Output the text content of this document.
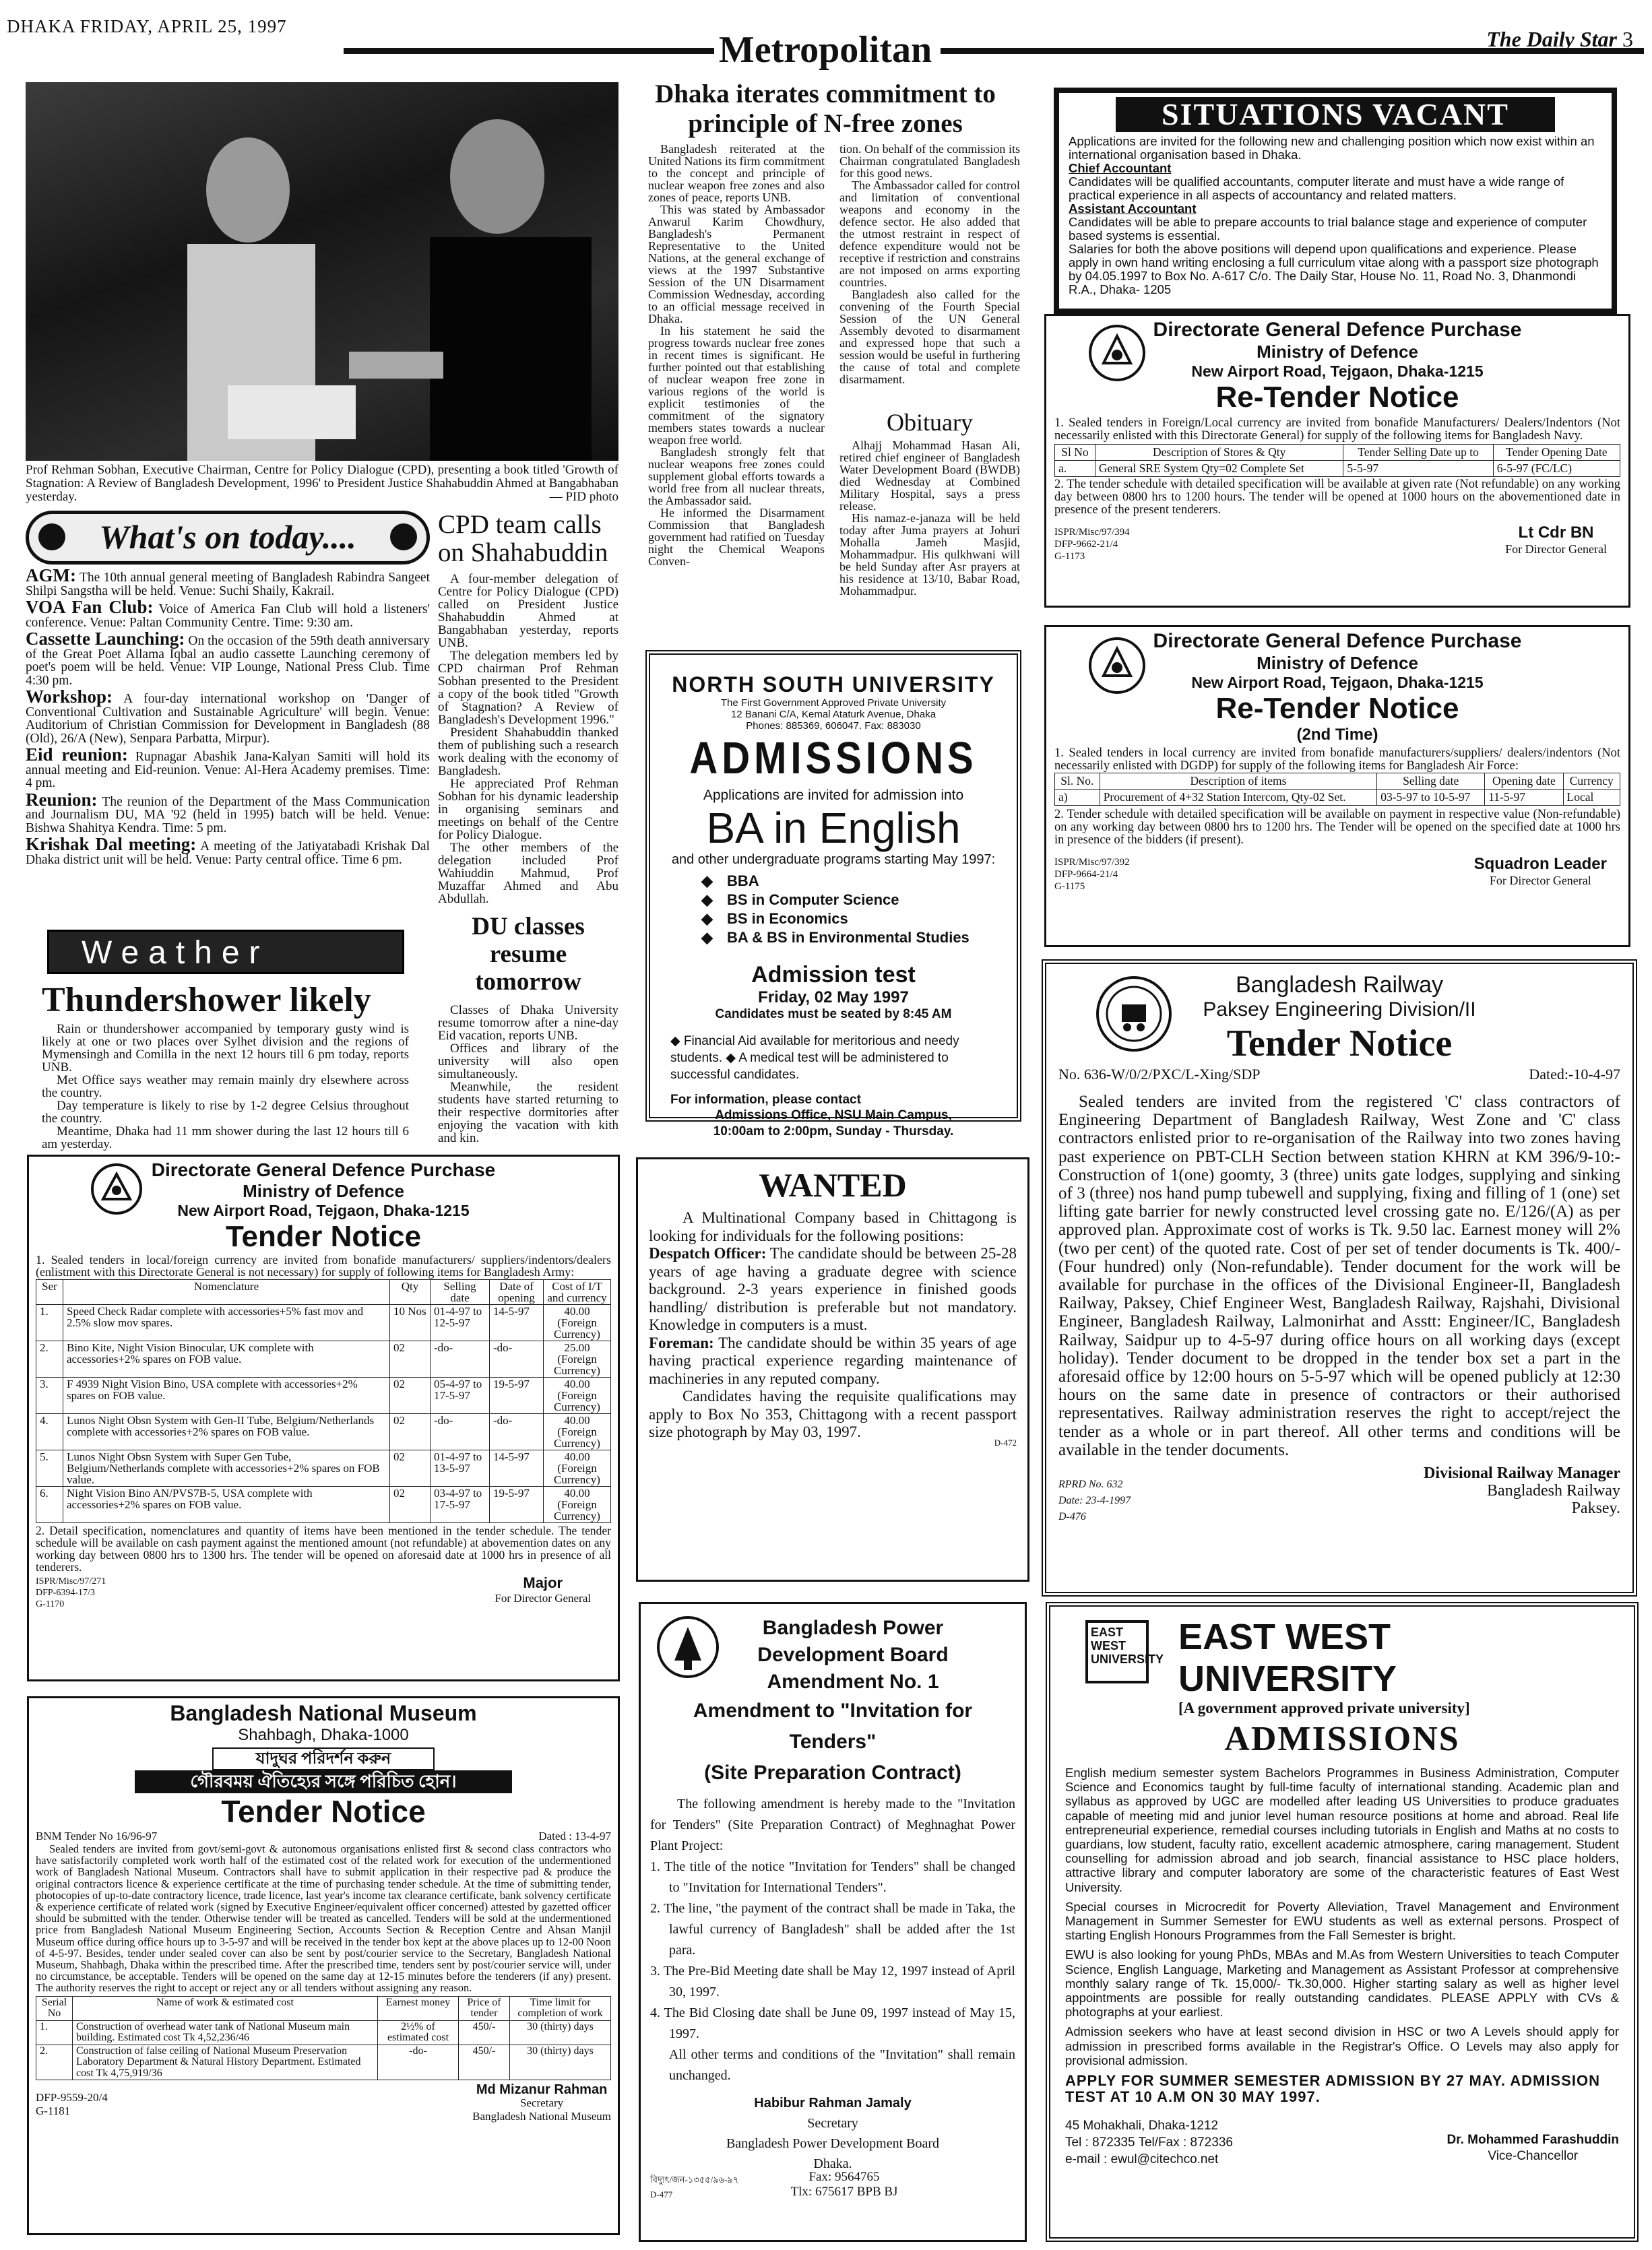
DHAKA FRIDAY, APRIL 25, 1997
Metropolitan	The Daily Star 3
Prof Rehman Sobhan, Executive Chairman, Centre for Policy Dialogue (CPD), presenting a book titled 'Growth of Stagnation: A Review of Bangladesh Development, 1996' to President Justice Shahabuddin Ahmed at Bangabhaban yesterday.	— PID photo
What's on today....

AGM: The 10th annual general meeting of Bangladesh Rabindra Sangeet Shilpi Sangstha will be held. Venue: Suchi Shaily, Kakrail.

VOA Fan Club: Voice of America Fan Club will hold a listeners' conference. Venue: Paltan Community Centre. Time: 9:30 am.

Cassette Launching: On the occasion of the 59th death anniversary of the Great Poet Allama Iqbal an audio cassette Launching ceremony of poet's poem will be held. Venue: VIP Lounge, National Press Club. Time 4:30 pm.

Workshop: A four-day international workshop on 'Danger of Conventional Cultivation and Sustainable Agriculture' will begin. Venue: Auditorium of Christian Commission for Development in Bangladesh (88 (Old), 26/A (New), Senpara Parbatta, Mirpur).

Eid reunion: Rupnagar Abashik Jana-Kalyan Samiti will hold its annual meeting and Eid-reunion. Venue: Al-Hera Academy premises. Time: 4 pm.

Reunion: The reunion of the Department of the Mass Communication and Journalism DU, MA '92 (held in 1995) batch will be held. Venue: Bishwa Shahitya Kendra. Time: 5 pm.

Krishak Dal meeting: A meeting of the Jatiyatabadi Krishak Dal Dhaka district unit will be held. Venue: Party central office. Time 6 pm.

Weather
Thundershower likely

Rain or thundershower accompanied by temporary gusty wind is likely at one or two places over Sylhet division and the regions of Mymensingh and Comilla in the next 12 hours till 6 pm today, reports UNB.

Met Office says weather may remain mainly dry elsewhere across the country.

Day temperature is likely to rise by 1-2 degree Celsius throughout the country.

Meantime, Dhaka had 11 mm shower during the last 12 hours till 6 am yesterday.

CPD team calls on Shahabuddin

A four-member delegation of Centre for Policy Dialogue (CPD) called on President Justice Shahabuddin Ahmed at Bangabhaban yesterday, reports UNB.

The delegation members led by CPD chairman Prof Rehman Sobhan presented to the President a copy of the book titled "Growth of Stagnation? A Review of Bangladesh's Development 1996."

President Shahabuddin thanked them of publishing such a research work dealing with the economy of Bangladesh.

He appreciated Prof Rehman Sobhan for his dynamic leadership in organising seminars and meetings on behalf of the Centre for Policy Dialogue.

The other members of the delegation included Prof Wahiuddin Mahmud, Prof Muzaffar Ahmed and Abu Abdullah.

DU classes resume tomorrow

Classes of Dhaka University resume tomorrow after a nine-day Eid vacation, reports UNB.

Offices and library of the university will also open simultaneously.

Meanwhile, the resident students have started returning to their respective dormitories after enjoying the vacation with kith and kin.

Dhaka iterates commitment to principle of N-free zones

Bangladesh reiterated at the United Nations its firm commitment to the concept and principle of nuclear weapon free zones and also zones of peace, reports UNB.

This was stated by Ambassador Anwarul Karim Chowdhury, Bangladesh's Permanent Representative to the United Nations, at the general exchange of views at the 1997 Substantive Session of the UN Disarmament Commission Wednesday, according to an official message received in Dhaka.

In his statement he said the progress towards nuclear free zones in recent times is significant. He further pointed out that establishing of nuclear weapon free zone in various regions of the world is explicit testimonies of the commitment of the signatory members states towards a nuclear weapon free world.

Bangladesh strongly felt that nuclear weapons free zones could supplement global efforts towards a world free from all nuclear threats, the Ambassador said.

He informed the Disarmament Commission that Bangladesh government had ratified on Tuesday night the Chemical Weapons Conven-

tion. On behalf of the commission its Chairman congratulated Bangladesh for this good news.

The Ambassador called for control and limitation of conventional weapons and economy in the defence sector. He also added that the utmost restraint in respect of defence expenditure would not be receptive if restriction and constrains are not imposed on arms exporting countries.

Bangladesh also called for the convening of the Fourth Special Session of the UN General Assembly devoted to disarmament and expressed hope that such a session would be useful in furthering the cause of total and complete disarmament.

Obituary

Alhajj Mohammad Hasan Ali, retired chief engineer of Bangladesh Water Development Board (BWDB) died Wednesday at Combined Military Hospital, says a press release.

His namaz-e-janaza will be held today after Juma prayers at Johuri Mohalla Jameh Masjid, Mohammadpur. His qulkhwani will be held Sunday after Asr prayers at his residence at 13/10, Babar Road, Mohammadpur.

NORTH SOUTH UNIVERSITY
The First Government Approved Private University
12 Banani C/A, Kemal Ataturk Avenue, Dhaka
Phones: 885369, 606047. Fax: 883030
ADMISSIONS
Applications are invited for admission into
BA in English
and other undergraduate programs starting May 1997:
◆ BBA
◆ BS in Computer Science
◆ BS in Economics
◆ BA & BS in Environmental Studies
Admission test
Friday, 02 May 1997
Candidates must be seated by 8:45 AM
◆ Financial Aid available for meritorious and needy students. ◆ A medical test will be administered to successful candidates.
For information, please contact
Admissions Office, NSU Main Campus, 10:00am to 2:00pm, Sunday - Thursday.
SITUATIONS VACANT

Applications are invited for the following new and challenging position which now exist within an international organisation based in Dhaka.

Chief Accountant

Candidates will be qualified accountants, computer literate and must have a wide range of practical experience in all aspects of accountancy and related matters.

Assistant Accountant

Candidates will be able to prepare accounts to trial balance stage and experience of computer based systems is essential.

Salaries for both the above positions will depend upon qualifications and experience. Please apply in own hand writing enclosing a full curriculum vitae along with a passport size photograph by 04.05.1997 to Box No. A-617 C/o. The Daily Star, House No. 11, Road No. 3, Dhanmondi R.A., Dhaka- 1205

Directorate General Defence Purchase
Ministry of Defence
New Airport Road, Tejgaon, Dhaka-1215
Re-Tender Notice

1. Sealed tenders in Foreign/Local currency are invited from bonafide Manufacturers/ Dealers/Indentors (Not necessarily enlisted with this Directorate General) for supply of the following items for Bangladesh Navy.

Sl No	Description of Stores & Qty	Tender Selling Date up to	Tender Opening Date
a.	General SRE System Qty=02 Complete Set	5-5-97	6-5-97 (FC/LC)

2. The tender schedule with detailed specification will be available at given rate (Not refundable) on any working day between 0800 hrs to 1200 hours. The tender will be opened at 1000 hours on the abovementioned date in presence of the present tenderers.

ISPR/Misc/97/394
DFP-9662-21/4
G-1173
Lt Cdr BN
For Director General
Directorate General Defence Purchase
Ministry of Defence
New Airport Road, Tejgaon, Dhaka-1215
Re-Tender Notice
(2nd Time)

1. Sealed tenders in local currency are invited from bonafide manufacturers/suppliers/ dealers/indentors (Not necessarily enlisted with DGDP) for supply of the following items for Bangladesh Air Force:

Sl. No.	Description of items	Selling date	Opening date	Currency
a)	Procurement of 4+32 Station Intercom, Qty-02 Set.	03-5-97 to 10-5-97	11-5-97	Local

2. Tender schedule with detailed specification will be available on payment in respective value (Non-refundable) on any working day between 0800 hrs to 1200 hrs. The Tender will be opened on the specified date at 1000 hrs in presence of the bidders (if present).

ISPR/Misc/97/392
DFP-9664-21/4
G-1175
Squadron Leader
For Director General
Bangladesh Railway
Paksey Engineering Division/II
Tender Notice
No. 636-W/0/2/PXC/L-Xing/SDP	Dated:-10-4-97

Sealed tenders are invited from the registered 'C' class contractors of Engineering Department of Bangladesh Railway, West Zone and 'C' class contractors enlisted prior to re-organisation of the Railway into two zones having past experience on PBT-CLH Section between station KHRN at KM 396/9-10:- Construction of 1(one) goomty, 3 (three) units gate lodges, supplying and sinking of 3 (three) nos hand pump tubewell and supplying, fixing and filling of 1 (one) set lifting gate barrier for newly constructed level crossing gate no. E/126/(A) as per approved plan. Approximate cost of works is Tk. 9.50 lac. Earnest money will 2% (two per cent) of the quoted rate. Cost of per set of tender documents is Tk. 400/- (Four hundred) only (Non-refundable). Tender document for the work will be available for purchase in the offices of the Divisional Engineer-II, Bangladesh Railway, Paksey, Chief Engineer West, Bangladesh Railway, Rajshahi, Divisional Engineer, Bangladesh Railway, Lalmonirhat and Asstt: Engineer/IC, Bangladesh Railway, Saidpur up to 4-5-97 during office hours on all working days (except holiday). Tender document to be dropped in the tender box set a part in the aforesaid office by 12:00 hours on 5-5-97 which will be opened publicly at 12:30 hours on the same date in presence of contractors or their authorised representatives. Railway administration reserves the right to accept/reject the tender as a whole or in part thereof. All other terms and conditions will be available in the tender documents.

RPRD No. 632
Date: 23-4-1997
D-476
Divisional Railway Manager
Bangladesh Railway
Paksey.
Directorate General Defence Purchase
Ministry of Defence
New Airport Road, Tejgaon, Dhaka-1215
Tender Notice

1. Sealed tenders in local/foreign currency are invited from bonafide manufacturers/ suppliers/indentors/dealers (enlistment with this Directorate General is not necessary) for supply of following items for Bangladesh Army:

Ser	Nomenclature	Qty	Selling date	Date of opening	Cost of I/T and currency
1.	Speed Check Radar complete with accessories+5% fast mov and 2.5% slow mov spares.	10 Nos	01-4-97 to 12-5-97	14-5-97	40.00 (Foreign Currency)
2.	Bino Kite, Night Vision Binocular, UK complete with accessories+2% spares on FOB value.	02	-do-	-do-	25.00 (Foreign Currency)
3.	F 4939 Night Vision Bino, USA complete with accessories+2% spares on FOB value.	02	05-4-97 to 17-5-97	19-5-97	40.00 (Foreign Currency)
4.	Lunos Night Obsn System with Gen-II Tube, Belgium/Netherlands complete with accessories+2% spares on FOB value.	02	-do-	-do-	40.00 (Foreign Currency)
5.	Lunos Night Obsn System with Super Gen Tube, Belgium/Netherlands complete with accessories+2% spares on FOB value.	02	01-4-97 to 13-5-97	14-5-97	40.00 (Foreign Currency)
6.	Night Vision Bino AN/PVS7B-5, USA complete with accessories+2% spares on FOB value.	02	03-4-97 to 17-5-97	19-5-97	40.00 (Foreign Currency)

2. Detail specification, nomenclatures and quantity of items have been mentioned in the tender schedule. The tender schedule will be available on cash payment against the mentioned amount (not refundable) at abovemention dates on any working day between 0800 hrs to 1300 hrs. The tender will be opened on aforesaid date at 1000 hrs in presence of all tenderers.

ISPR/Misc/97/271
DFP-6394-17/3
G-1170
Major
For Director General
Bangladesh National Museum
Shahbagh, Dhaka-1000
যাদুঘর পরিদর্শন করুন
গৌরবময় ঐতিহ্যের সঙ্গে পরিচিত হোন।
Tender Notice
BNM Tender No 16/96-97	Dated : 13-4-97

Sealed tenders are invited from govt/semi-govt & autonomous organisations enlisted first & second class contractors who have satisfactorily completed work worth half of the estimated cost of the related work for execution of the undermentioned work of Bangladesh National Museum. Contractors shall have to submit application in their respective pad & produce the original contractors licence & experience certificate at the time of purchasing tender schedule. At the time of submitting tender, photocopies of up-to-date contractory licence, trade licence, last year's income tax clearance certificate, bank solvency certificate & experience certificate of related work (signed by Executive Engineer/equivalent officer concerned) attested by gazetted officer should be submitted with the tender. Otherwise tender will be treated as cancelled. Tenders will be sold at the undermentioned price from Bangladesh National Museum Engineering Section, Accounts Section & Reception Centre and Ahsan Manjil Museum office during office hours up to 3-5-97 and will be received in the tender box kept at the above places up to 12-00 Noon of 4-5-97. Besides, tender under sealed cover can also be sent by post/courier service to the Secretary, Bangladesh National Museum, Shahbagh, Dhaka within the prescribed time. After the prescribed time, tenders sent by post/courier service will, under no circumstance, be acceptable. Tenders will be opened on the same day at 12-15 minutes before the tenderers (if any) present. The authority reserves the right to accept or reject any or all tenders without assigning any reason.

Serial No	Name of work & estimated cost	Earnest money	Price of tender	Time limit for completion of work
1.	Construction of overhead water tank of National Museum main building. Estimated cost Tk 4,52,236/46	2½% of estimated cost	450/-	30 (thirty) days
2.	Construction of false ceiling of National Museum Preservation Laboratory Department & Natural History Department. Estimated cost Tk 4,75,919/36	-do-	450/-	30 (thirty) days
DFP-9559-20/4
G-1181
Md Mizanur Rahman
Secretary
Bangladesh National Museum
WANTED

A Multinational Company based in Chittagong is looking for individuals for the following positions:

Despatch Officer: The candidate should be between 25-28 years of age having a graduate degree with science background. 2-3 years experience in finished goods handling/ distribution is preferable but not mandatory. Knowledge in computers is a must.

Foreman: The candidate should be within 35 years of age having practical experience regarding maintenance of machineries in any reputed company.

Candidates having the requisite qualifications may apply to Box No 353, Chittagong with a recent passport size photograph by May 03, 1997.

D-472
Bangladesh Power
Development Board
Amendment No. 1
Amendment to "Invitation for Tenders"
(Site Preparation Contract)

The following amendment is hereby made to the "Invitation for Tenders" (Site Preparation Contract) of Meghnaghat Power Plant Project:

1. The title of the notice "Invitation for Tenders" shall be changed to "Invitation for International Tenders".
2. The line, "the payment of the contract shall be made in Taka, the lawful currency of Bangladesh" shall be added after the 1st para.
3. The Pre-Bid Meeting date shall be May 12, 1997 instead of April 30, 1997.
4. The Bid Closing date shall be June 09, 1997 instead of May 15, 1997.

All other terms and conditions of the "Invitation" shall remain unchanged.

Habibur Rahman Jamaly
Secretary
Bangladesh Power Development Board
Dhaka.
বিদ্যুৎ/জন-১৩৫৫/৯৬-৯৭
D-477
Fax: 9564765
Tlx: 675617 BPB BJ
EAST WEST UNIVERSITY
EAST WEST UNIVERSITY
[A government approved private university]
ADMISSIONS

English medium semester system Bachelors Programmes in Business Administration, Computer Science and Economics taught by full-time faculty of international standing. Academic plan and syllabus as approved by UGC are modelled after leading US Universities to produce graduates capable of meeting mid and junior level human resource positions at home and abroad. Real life entrepreneurial experience, remedial courses including tutorials in English and Maths at no costs to guardians, low student, faculty ratio, excellent academic atmosphere, caring management. Student counselling for admission abroad and job search, financial assistance to HSC place holders, attractive library and computer laboratory are some of the characteristic features of East West University.

Special courses in Microcredit for Poverty Alleviation, Travel Management and Environment Management in Summer Semester for EWU students as well as external persons. Prospect of starting English Honours Programmes from the Fall Semester is bright.

EWU is also looking for young PhDs, MBAs and M.As from Western Universities to teach Computer Science, English Language, Marketing and Management as Assistant Professor at comprehensive monthly salary range of Tk. 15,000/- Tk.30,000. Higher starting salary as well as higher level appointments are possible for really outstanding candidates. PLEASE APPLY with CVs & photographs at your earliest.

Admission seekers who have at least second division in HSC or two A Levels should apply for admission in prescribed forms available in the Registrar's Office. O Levels may also apply for provisional admission.

APPLY FOR SUMMER SEMESTER ADMISSION BY 27 MAY. ADMISSION TEST AT 10 A.M ON 30 MAY 1997.
45 Mohakhali, Dhaka-1212
Tel : 872335 Tel/Fax : 872336
e-mail : ewul@citechco.net
Dr. Mohammed Farashuddin
Vice-Chancellor
